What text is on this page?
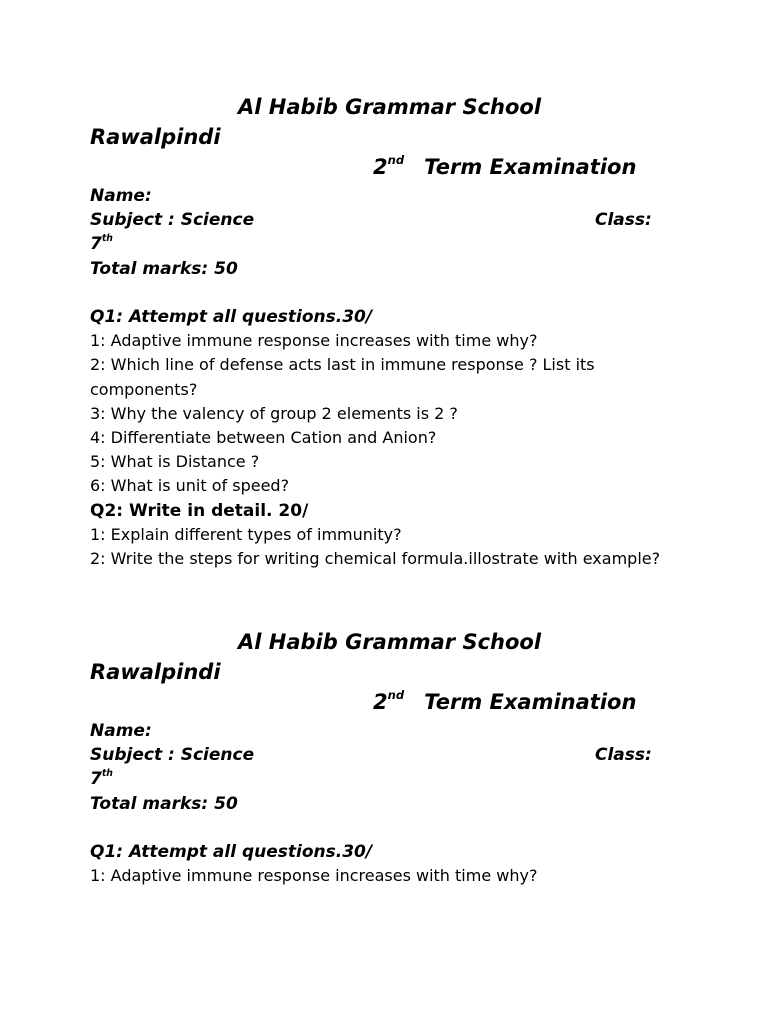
Al Habib Grammar School
Rawalpindi
2nd Term Examination
Name:
Subject : Science	Class:
7th
Total marks: 50
Q1: Attempt all questions.30/
1: Adaptive immune response increases with time why?
2: Which line of defense acts last in immune response ? List its components?
3: Why the valency of group 2 elements is 2 ?
4: Differentiate between Cation and Anion?
5: What is Distance ?
6: What is unit of speed?
Q2: Write in detail. 20/
1: Explain different types of immunity?
2: Write the steps for writing chemical formula.illostrate with example?
Al Habib Grammar School
Rawalpindi
2nd Term Examination
Name:
Subject : Science	Class:
7th
Total marks: 50
Q1: Attempt all questions.30/
1: Adaptive immune response increases with time why?
